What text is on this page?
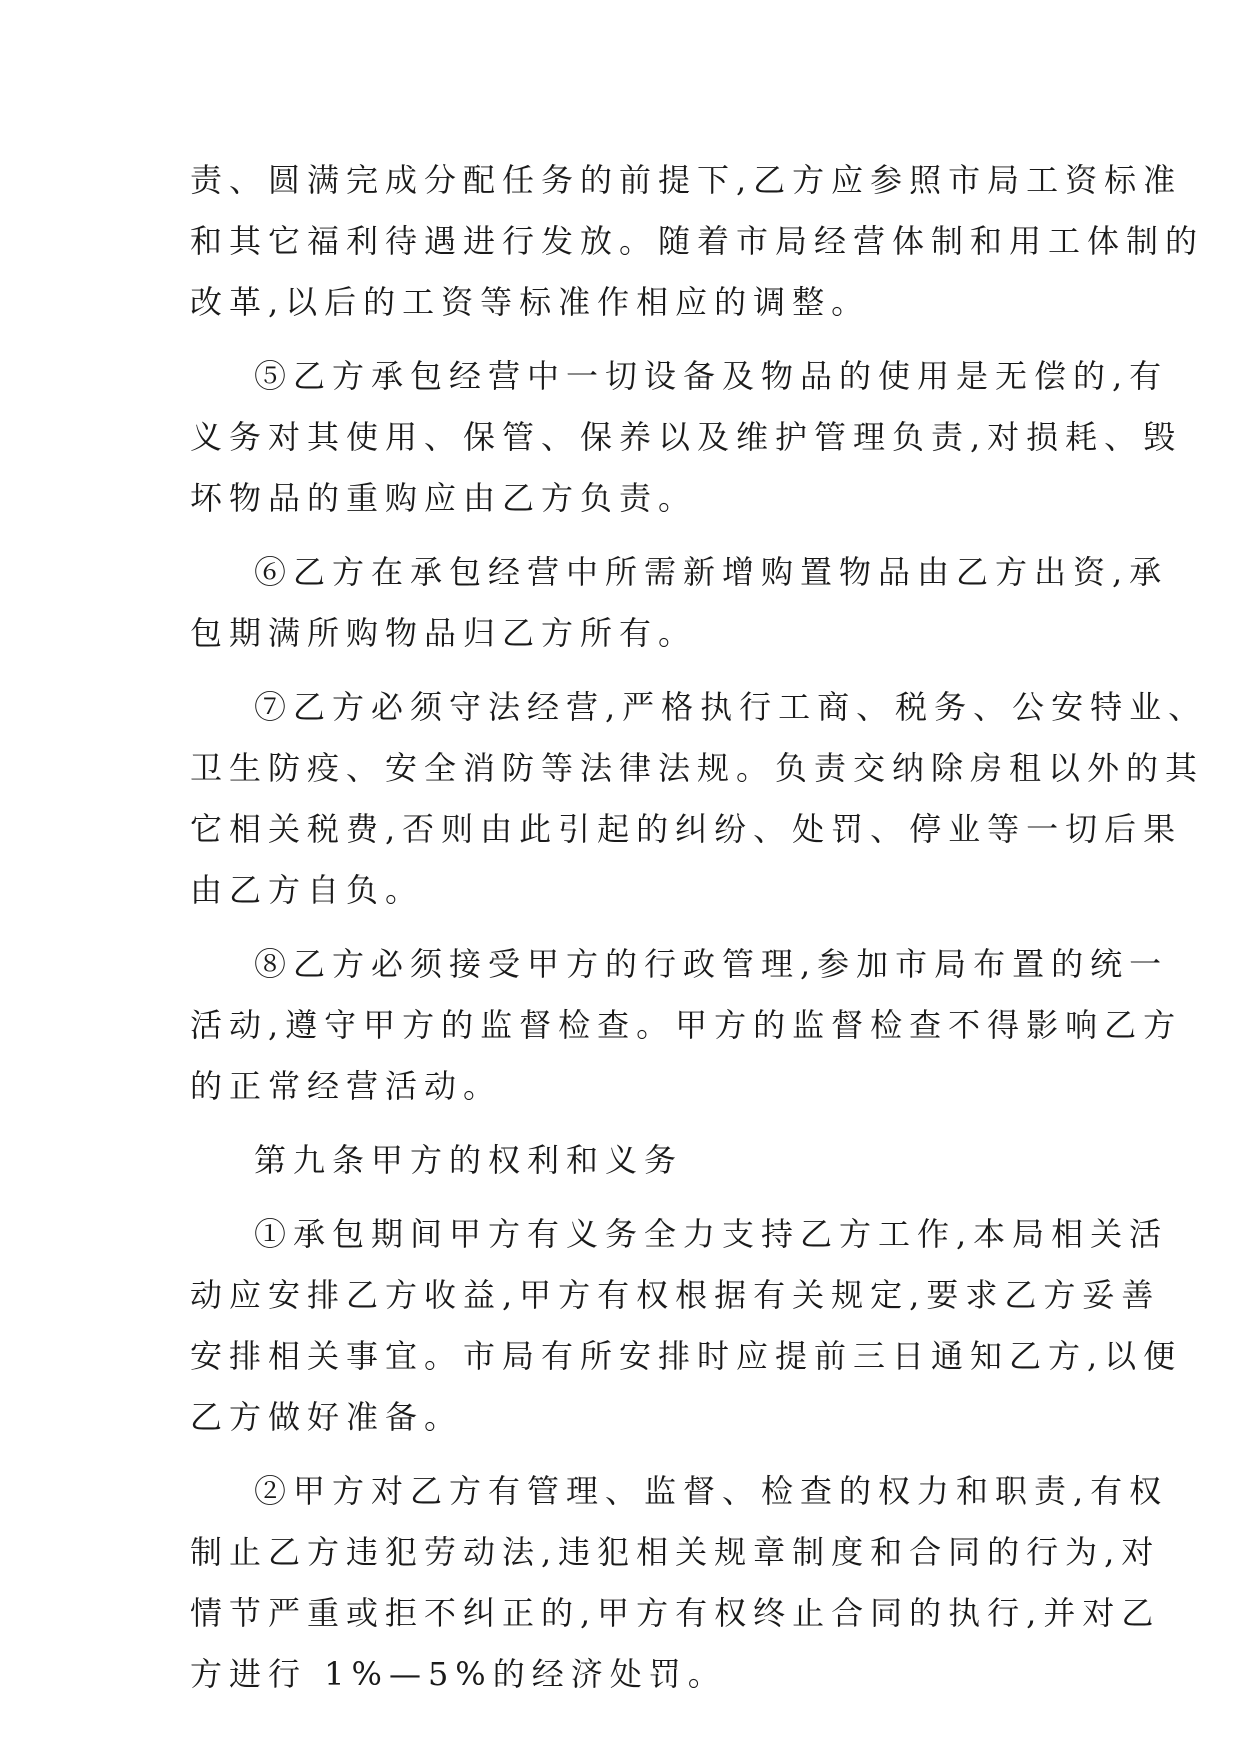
责、圆满完成分配任务的前提下,乙方应参照市局工资标准
和其它福利待遇进行发放。随着市局经营体制和用工体制的
改革,以后的工资等标准作相应的调整。
⑤乙方承包经营中一切设备及物品的使用是无偿的,有
义务对其使用、保管、保养以及维护管理负责,对损耗、毁
坏物品的重购应由乙方负责。
⑥乙方在承包经营中所需新增购置物品由乙方出资,承
包期满所购物品归乙方所有。
⑦乙方必须守法经营,严格执行工商、税务、公安特业、
卫生防疫、安全消防等法律法规。负责交纳除房租以外的其
它相关税费,否则由此引起的纠纷、处罚、停业等一切后果
由乙方自负。
⑧乙方必须接受甲方的行政管理,参加市局布置的统一
活动,遵守甲方的监督检查。甲方的监督检查不得影响乙方
的正常经营活动。
第九条甲方的权利和义务
①承包期间甲方有义务全力支持乙方工作,本局相关活
动应安排乙方收益,甲方有权根据有关规定,要求乙方妥善
安排相关事宜。市局有所安排时应提前三日通知乙方,以便
乙方做好准备。
②甲方对乙方有管理、监督、检查的权力和职责,有权
制止乙方违犯劳动法,违犯相关规章制度和合同的行为,对
情节严重或拒不纠正的,甲方有权终止合同的执行,并对乙
方进行 1%—5%的经济处罚。
